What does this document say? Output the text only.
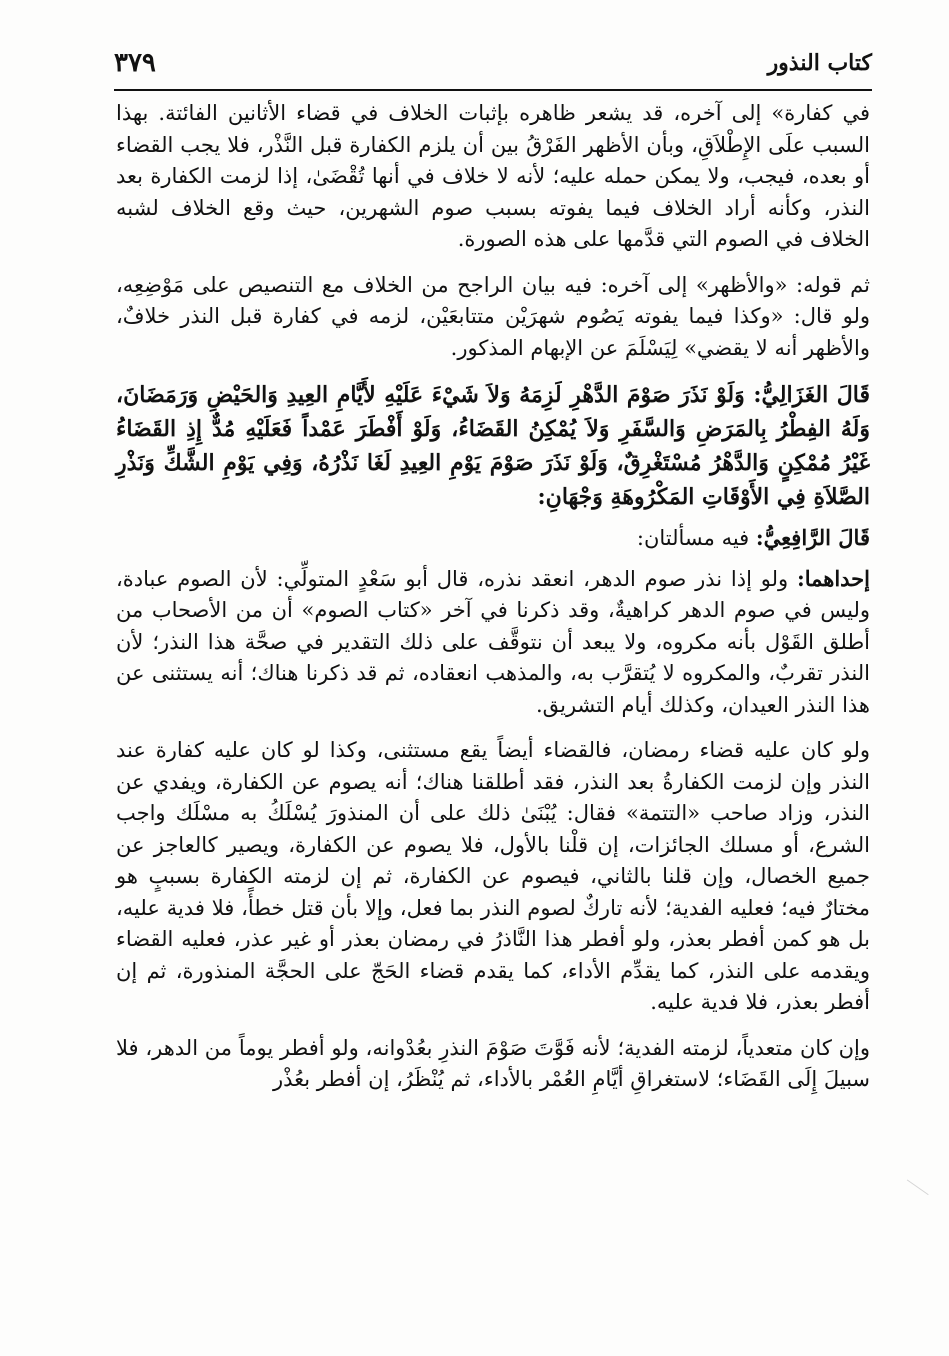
كتاب النذور
٣٧٩

في كفارة» إلى آخره، قد يشعر ظاهره بإثبات الخلاف في قضاء الأثانين الفائتة. بهذا السبب علَى الإِطْلاَقِ، وبأن الأظهر الفَرْقُ بين أن يلزم الكفارة قبل النَّذْر، فلا يجب القضاء أو بعده، فيجب، ولا يمكن حمله عليه؛ لأنه لا خلاف في أنها تُقْضَىٰ، إذا لزمت الكفارة بعد النذر، وكأنه أراد الخلاف فيما يفوته بسبب صوم الشهرين، حيث وقع الخلاف لشبه الخلاف في الصوم التي قدَّمها على هذه الصورة.

ثم قوله: «والأظهر» إلى آخره: فيه بيان الراجح من الخلاف مع التنصيص على مَوْضِعِه، ولو قال: «وكذا فيما يفوته يَصُوم شهرَيْن متتابعَيْن، لزمه في كفارة قبل النذر خلافٌ، والأظهر أنه لا يقضي» لِيَسْلَمَ عن الإبهام المذكور.

قَالَ الغَزَالِيُّ: وَلَوْ نَذَرَ صَوْمَ الدَّهْرِ لَزِمَهُ وَلاَ شَيْءَ عَلَيْهِ لأَيَّامِ العِيدِ وَالحَيْضِ وَرَمَضَانَ، وَلَهُ الفِطْرُ بِالمَرَضِ وَالسَّفَرِ وَلاَ يُمْكِنُ القَضَاءُ، وَلَوْ أَفْطَرَ عَمْداً فَعَلَيْهِ مُدٌّ إِذِ القَضَاءُ غَيْرُ مُمْكِنٍ وَالدَّهْرُ مُسْتَغْرِقٌ، وَلَوْ نَذَرَ صَوْمَ يَوْمِ العِيدِ لَغَا نَذْرُهُ، وَفِي يَوْمِ الشَّكِّ وَنَذْرِ الصَّلاَةِ فِي الأَوْقَاتِ المَكْرُوهَةِ وَجْهَانِ:

قَالَ الرَّافِعِيُّ: فيه مسألتان:

إحداهما: ولو إذا نذر صوم الدهر، انعقد نذره، قال أبو سَعْدٍ المتولِّي: لأن الصوم عبادة، وليس في صوم الدهر كراهيةٌ، وقد ذكرنا في آخر «كتاب الصوم» أن من الأصحاب من أطلق القَوْل بأنه مكروه، ولا يبعد أن نتوقَّف على ذلك التقدير في صحَّة هذا النذر؛ لأن النذر تقربٌ، والمكروه لا يُتقرَّب به، والمذهب انعقاده، ثم قد ذكرنا هناك؛ أنه يستثنى عن هذا النذر العيدان، وكذلك أيام التشريق.

ولو كان عليه قضاء رمضان، فالقضاء أيضاً يقع مستثنى، وكذا لو كان عليه كفارة عند النذر وإن لزمت الكفارةُ بعد النذر، فقد أطلقنا هناك؛ أنه يصوم عن الكفارة، ويفدي عن النذر، وزاد صاحب «التتمة» فقال: يُبْنَىٰ ذلك على أن المنذورَ يُسْلَكُ به مسْلَك واجب الشرع، أو مسلك الجائزات، إن قلْنا بالأول، فلا يصوم عن الكفارة، ويصير كالعاجز عن جميع الخصال، وإن قلنا بالثاني، فيصوم عن الكفارة، ثم إن لزمته الكفارة بسببٍ هو مختارٌ فيه؛ فعليه الفدية؛ لأنه تاركٌ لصوم النذر بما فعل، وإلا بأن قتل خطأً، فلا فدية عليه، بل هو كمن أفطر بعذر، ولو أفطر هذا النَّاذرُ في رمضان بعذر أو غير عذر، فعليه القضاء ويقدمه على النذر، كما يقدِّم الأداء، كما يقدم قضاء الحَجّ على الحجَّة المنذورة، ثم إن أفطر بعذر، فلا فدية عليه.

وإن كان متعدياً، لزمته الفدية؛ لأنه فَوَّتَ صَوْمَ النذرِ بعُدْوانه، ولو أفطر يوماً من الدهر، فلا سبيلَ إِلَى القَضَاء؛ لاستغراقِ أيَّامِ العُمْر بالأداء، ثم يُنْظَرُ، إن أفطر بعُذْر
